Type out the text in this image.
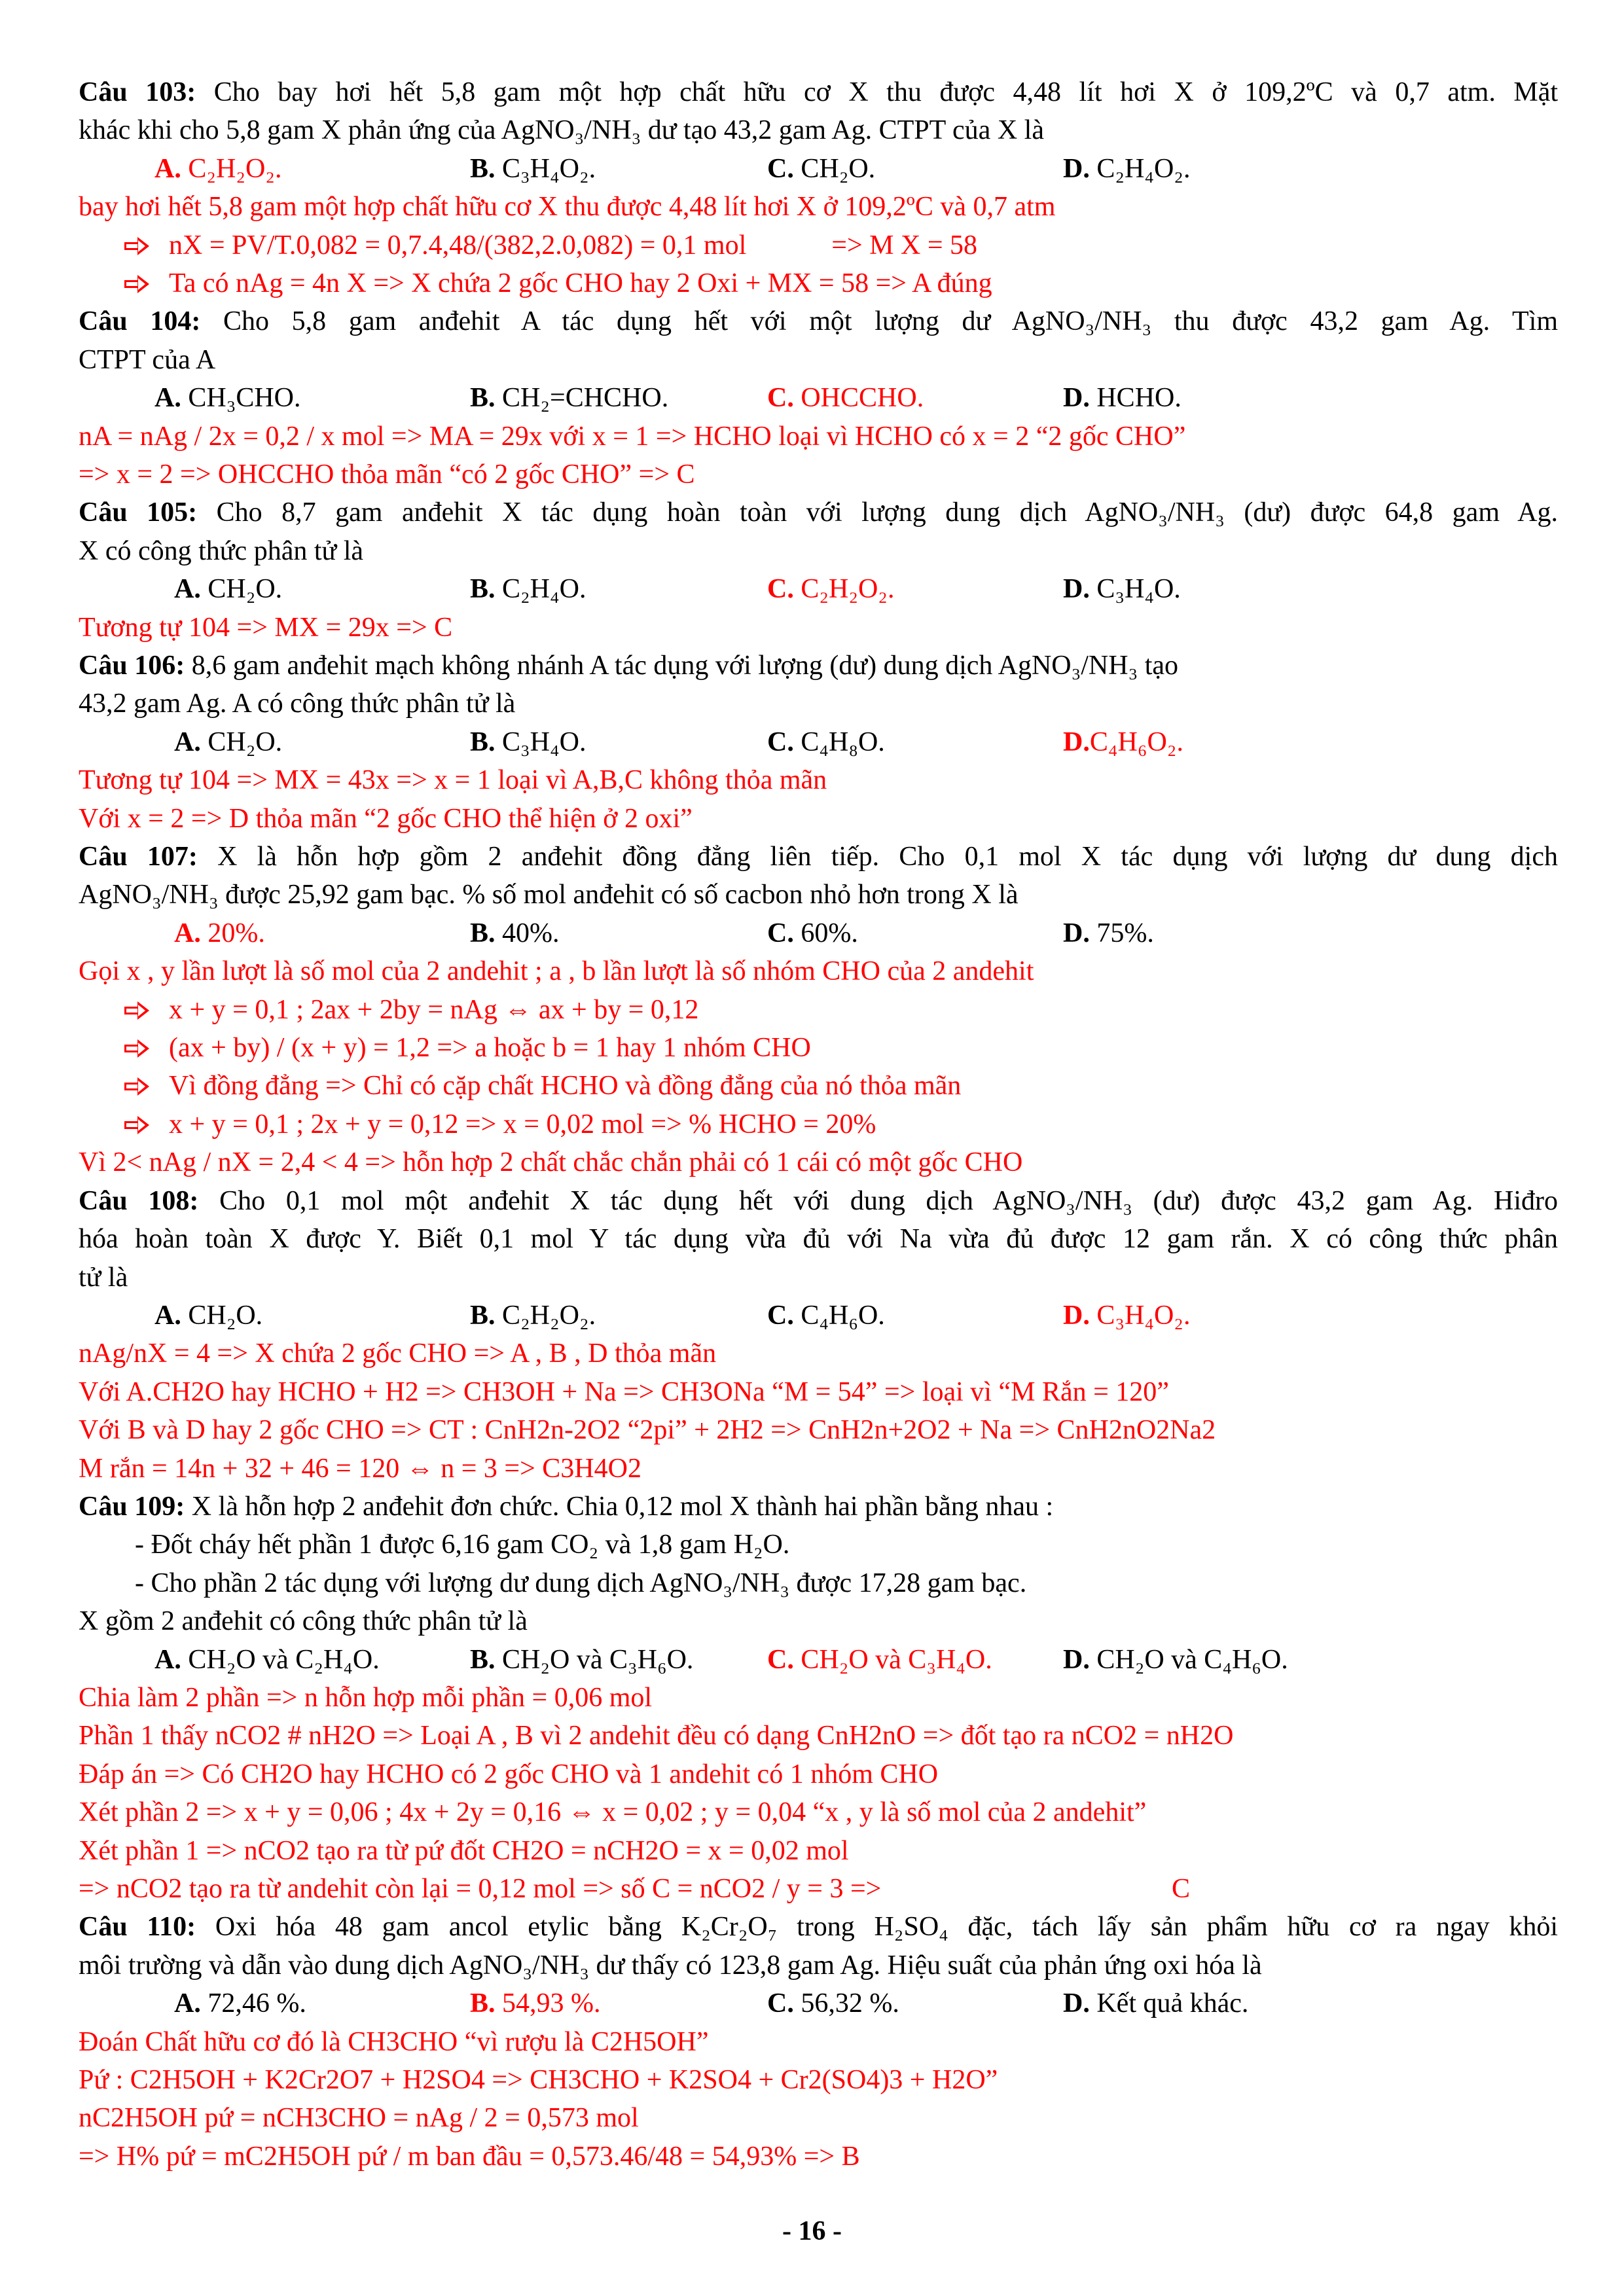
Câu 103: Cho bay hơi hết 5,8 gam một hợp chất hữu cơ X thu được 4,48 lít hơi X ở 109,2ºC và 0,7 atm. Mặt
khác khi cho 5,8 gam X phản ứng của AgNO₃/NH₃ dư tạo 43,2 gam Ag. CTPT của X là
A. C₂H₂O₂.	B. C₃H₄O₂.	C. CH₂O.	D. C₂H₄O₂.
bay hơi hết 5,8 gam một hợp chất hữu cơ X thu được 4,48 lít hơi X ở 109,2ºC và 0,7 atm
nX = PV/T.0,082 = 0,7.4,48/(382,2.0,082) = 0,1 mol	=> M X = 58
Ta có nAg = 4n X => X chứa 2 gốc CHO hay 2 Oxi + MX = 58 => A đúng
Câu 104: Cho 5,8 gam anđehit A tác dụng hết với một lượng dư AgNO₃/NH₃ thu được 43,2 gam Ag. Tìm
CTPT của A
A. CH₃CHO.	B. CH₂=CHCHO.	C. OHCCHO.	D. HCHO.
nA = nAg / 2x = 0,2 / x mol => MA = 29x với x = 1 => HCHO loại vì HCHO có x = 2 “2 gốc CHO”
=> x = 2 => OHCCHO thỏa mãn “có 2 gốc CHO” => C
Câu 105: Cho 8,7 gam anđehit X tác dụng hoàn toàn với lượng dung dịch AgNO₃/NH₃ (dư) được 64,8 gam Ag.
X có công thức phân tử là
A. CH₂O.	B. C₂H₄O.	C. C₂H₂O₂.	D. C₃H₄O.
Tương tự 104 => MX = 29x => C
Câu 106: 8,6 gam anđehit mạch không nhánh A tác dụng với lượng (dư) dung dịch AgNO₃/NH₃ tạo
43,2 gam Ag. A có công thức phân tử là
A. CH₂O.	B. C₃H₄O.	C. C₄H₈O.	D.C₄H₆O₂.
Tương tự 104 => MX = 43x => x = 1 loại vì A,B,C không thỏa mãn
Với x = 2 => D thỏa mãn “2 gốc CHO thể hiện ở 2 oxi”
Câu 107: X là hỗn hợp gồm 2 anđehit đồng đẳng liên tiếp. Cho 0,1 mol X tác dụng với lượng dư dung dịch
AgNO₃/NH₃ được 25,92 gam bạc. % số mol anđehit có số cacbon nhỏ hơn trong X là
A. 20%.	B. 40%.	C. 60%.	D. 75%.
Gọi x , y lần lượt là số mol của 2 andehit ; a , b lần lượt là số nhóm CHO của 2 andehit
x + y = 0,1 ; 2ax + 2by = nAg ⇔ ax + by = 0,12
(ax + by) / (x + y) = 1,2 => a hoặc b = 1 hay 1 nhóm CHO
Vì đồng đẳng => Chỉ có cặp chất HCHO và đồng đẳng của nó thỏa mãn
x + y = 0,1 ; 2x + y = 0,12 => x = 0,02 mol => % HCHO = 20%
Vì 2< nAg / nX = 2,4 < 4 => hỗn hợp 2 chất chắc chắn phải có 1 cái có một gốc CHO
Câu 108: Cho 0,1 mol một anđehit X tác dụng hết với dung dịch AgNO₃/NH₃ (dư) được 43,2 gam Ag. Hiđro
hóa hoàn toàn X được Y. Biết 0,1 mol Y tác dụng vừa đủ với Na vừa đủ được 12 gam rắn. X có công thức phân
tử là
A. CH₂O.	B. C₂H₂O₂.	C. C₄H₆O.	D. C₃H₄O₂.
nAg/nX = 4 => X chứa 2 gốc CHO => A , B , D thỏa mãn
Với A.CH2O hay HCHO + H2 => CH3OH + Na => CH3ONa “M = 54” => loại vì “M Rắn = 120”
Với B và D hay 2 gốc CHO => CT : CnH2n-2O2 “2pi” + 2H2 => CnH2n+2O2 + Na => CnH2nO2Na2
M rắn = 14n + 32 + 46 = 120 ⇔ n = 3 => C3H4O2
Câu 109: X là hỗn hợp 2 anđehit đơn chức. Chia 0,12 mol X thành hai phần bằng nhau :
- Đốt cháy hết phần 1 được 6,16 gam CO₂ và 1,8 gam H₂O.
- Cho phần 2 tác dụng với lượng dư dung dịch AgNO₃/NH₃ được 17,28 gam bạc.
X gồm 2 anđehit có công thức phân tử là
A. CH₂O và C₂H₄O.	B. CH₂O và C₃H₆O.	C. CH₂O và C₃H₄O.	D. CH₂O và C₄H₆O.
Chia làm 2 phần => n hỗn hợp mỗi phần = 0,06 mol
Phần 1 thấy nCO2 # nH2O => Loại A , B vì 2 andehit đều có dạng CnH2nO => đốt tạo ra nCO2 = nH2O
Đáp án => Có CH2O hay HCHO có 2 gốc CHO và 1 andehit có 1 nhóm CHO
Xét phần 2 => x + y = 0,06 ; 4x + 2y = 0,16 ⇔ x = 0,02 ; y = 0,04 “x , y là số mol của 2 andehit”
Xét phần 1 => nCO2 tạo ra từ pứ đốt CH2O = nCH2O = x = 0,02 mol
=> nCO2 tạo ra từ andehit còn lại = 0,12 mol => số C = nCO2 / y = 3 =>	C
Câu 110: Oxi hóa 48 gam ancol etylic bằng K₂Cr₂O₇ trong H₂SO₄ đặc, tách lấy sản phẩm hữu cơ ra ngay khỏi
môi trường và dẫn vào dung dịch AgNO₃/NH₃ dư thấy có 123,8 gam Ag. Hiệu suất của phản ứng oxi hóa là
A. 72,46 %.	B. 54,93 %.	C. 56,32 %.	D. Kết quả khác.
Đoán Chất hữu cơ đó là CH3CHO “vì rượu là C2H5OH”
Pứ : C2H5OH + K2Cr2O7 + H2SO4 => CH3CHO + K2SO4 + Cr2(SO4)3 + H2O”
nC2H5OH pứ = nCH3CHO = nAg / 2 = 0,573 mol
=> H% pứ = mC2H5OH pứ / m ban đầu = 0,573.46/48 = 54,93% => B
- 16 -
